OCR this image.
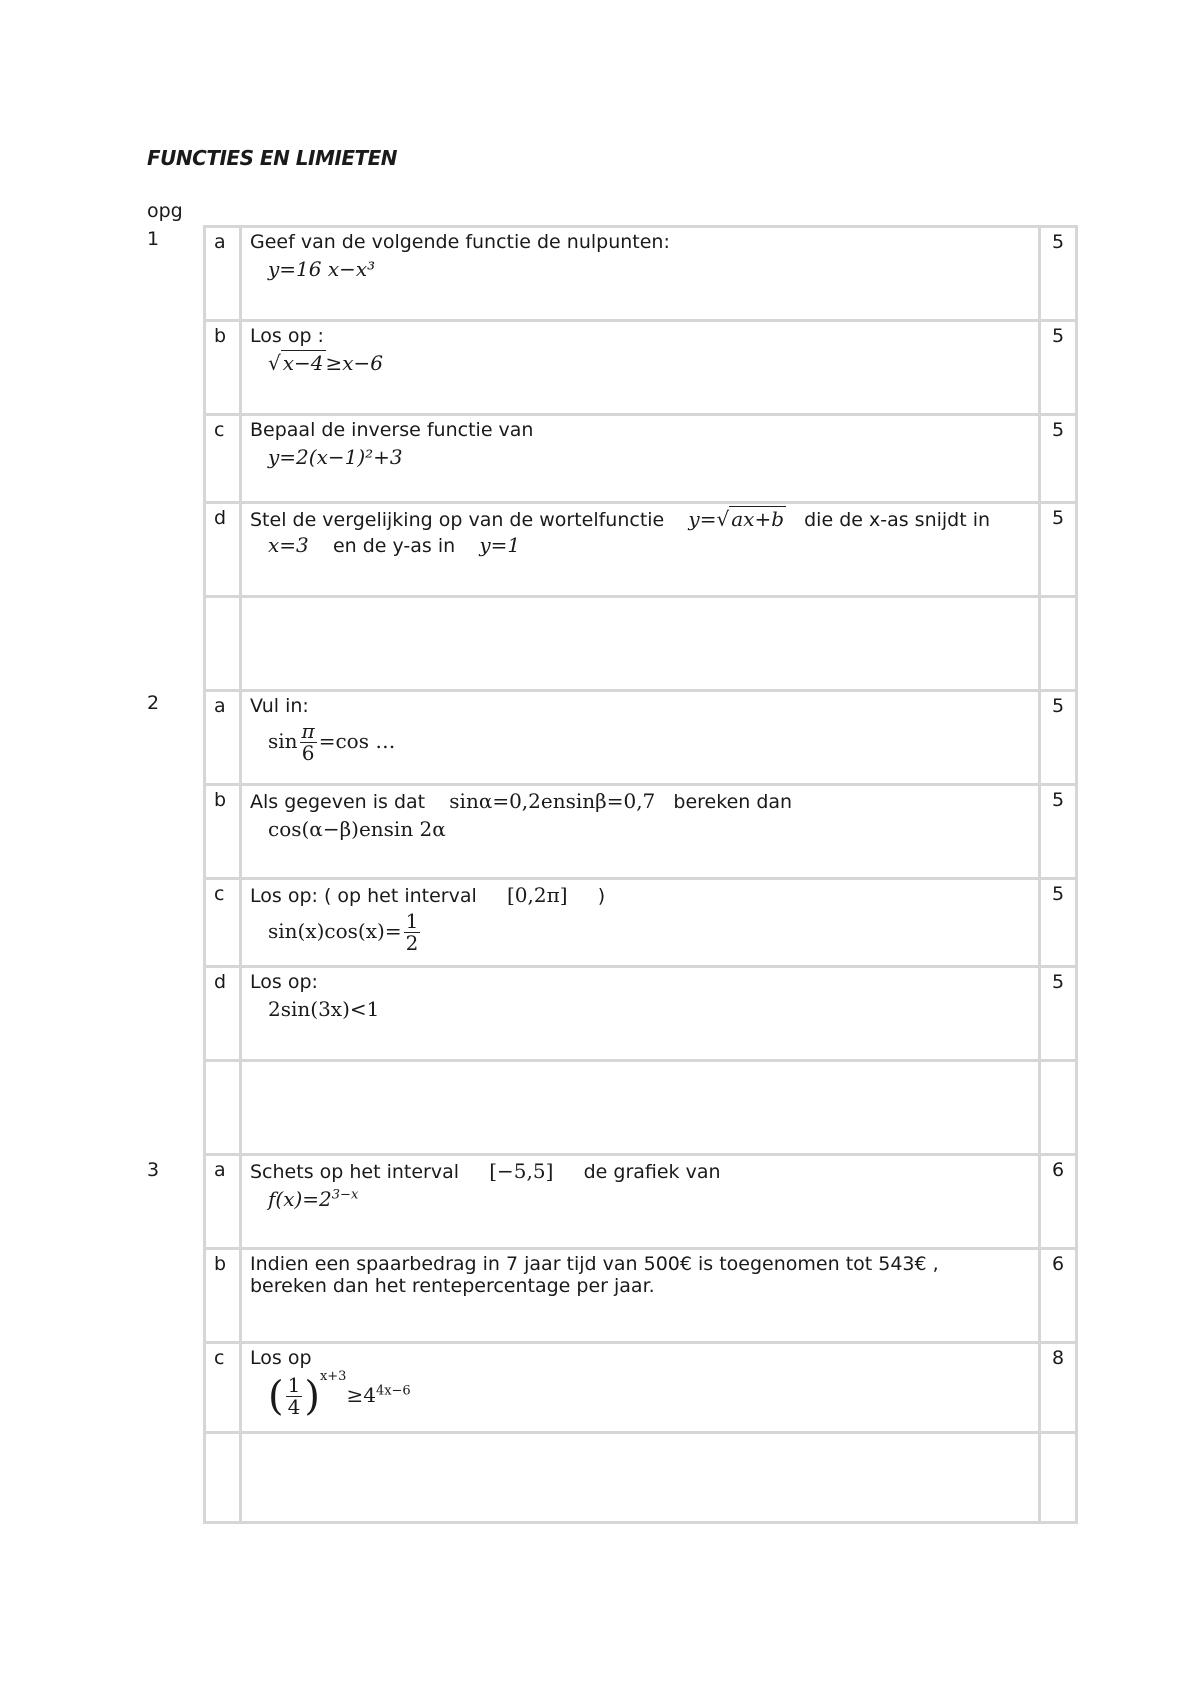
FUNCTIES EN LIMIETEN
opg
1
2
3
a	Geef van de volgende functie de nulpunten:
y=16 x−x³	5
b	Los op :
√ x−4 ≥x−6	5
c	Bepaal de inverse functie van
y=2(x−1)²+3	5
d	Stel de vergelijking op van de wortelfunctie y=√ ax+b die de x-as snijdt in
x=3 en de y-as in y=1	5

a	Vul in:
$\sin \frac{\pi}{6} =\cos$ …	5
b	Als gegeven is dat sinα=0,2ensinβ=0,7 bereken dan
cos(α−β)ensin 2α	5
c	Los op: ( op het interval [0,2π] )
$\sin(x)\cos(x)= \frac{1}{2}$	5
d	Los op:
2sin(3x)<1	5

a	Schets op het interval [−5,5] de grafiek van
$f(x)=2^{3-x}$	6
b	Indien een spaarbedrag in 7 jaar tijd van 500€ is toegenomen tot 543€ ,
bereken dan het rentepercentage per jaar.	6
c	Los op
( $\frac{1}{4} )^{x+3}\ge 4^{4x-6}$	8
